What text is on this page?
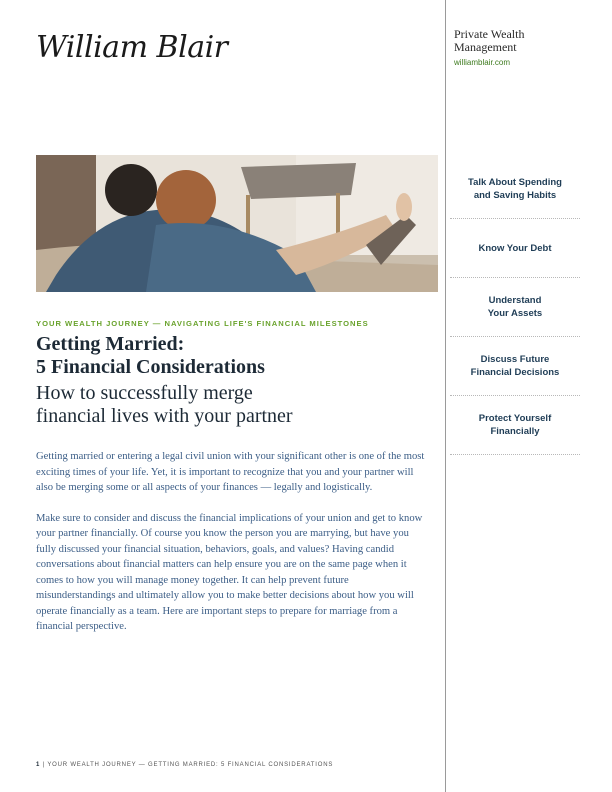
William Blair	Private Wealth
Management
williamblair.com
Talk About Spending
and Saving Habits
Know Your Debt
Understand
Your Assets
Discuss Future
Financial Decisions
Protect Yourself
Financially
YOUR WEALTH JOURNEY — NAVIGATING LIFE'S FINANCIAL MILESTONES
Getting Married:
5 Financial Considerations
How to successfully merge
financial lives with your partner

Getting married or entering a legal civil union with your significant other is one of the most exciting times of your life. Yet, it is important to recognize that you and your partner will also be merging some or all aspects of your finances — legally and logistically.

Make sure to consider and discuss the financial implications of your union and get to know your partner financially. Of course you know the person you are marrying, but have you fully discussed your financial situation, behaviors, goals, and values? Having candid conversations about financial matters can help ensure you are on the same page when it comes to how you will manage money together. It can help prevent future misunderstandings and ultimately allow you to make better decisions about how you will operate financially as a team. Here are important steps to prepare for marriage from a financial perspective.

1 | YOUR WEALTH JOURNEY — GETTING MARRIED: 5 FINANCIAL CONSIDERATIONS
